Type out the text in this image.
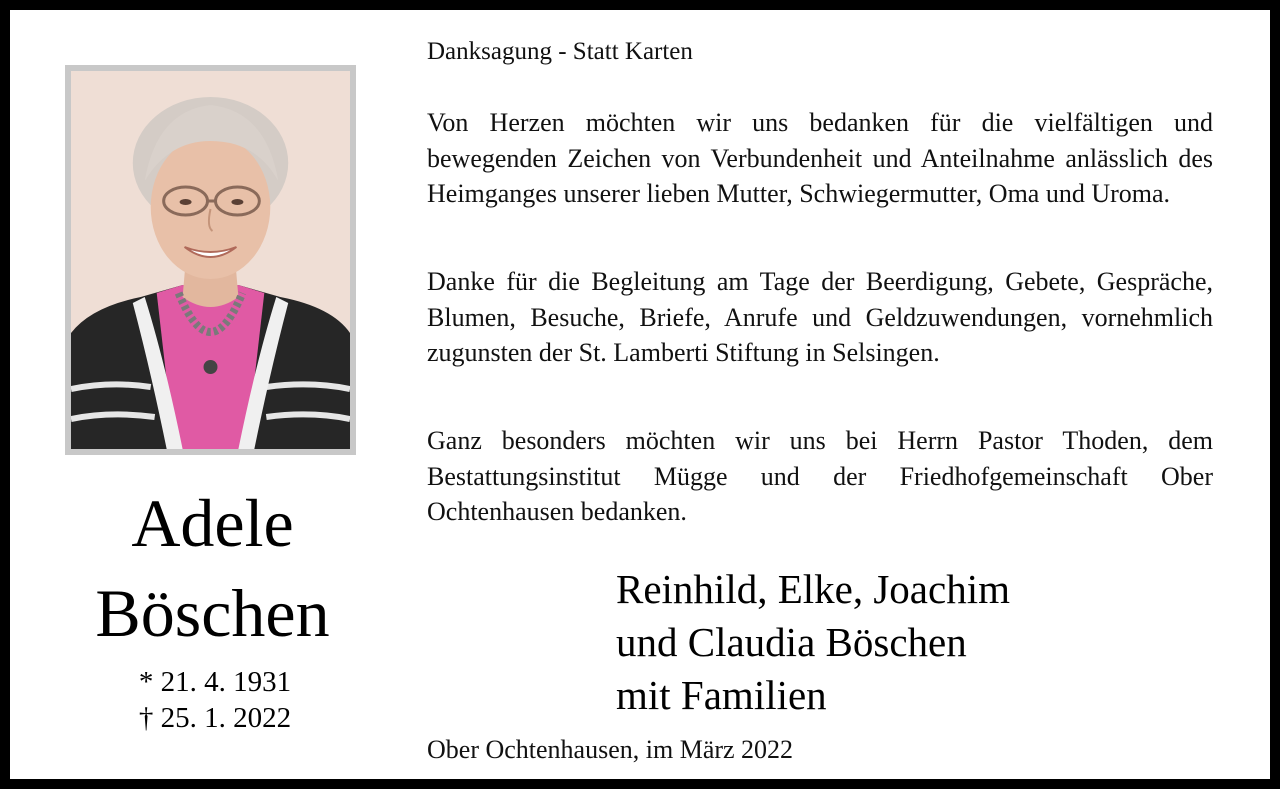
Adele
Böschen
* 21. 4. 1931
† 25. 1. 2022
Danksagung - Statt Karten

Von Herzen möchten wir uns bedanken für die vielfältigen und bewegenden Zeichen von Verbundenheit und Anteilnahme anlässlich des Heimganges unserer lieben Mutter, Schwiegermutter, Oma und Uroma.

Danke für die Begleitung am Tage der Beerdigung, Gebete, Gespräche, Blumen, Besuche, Briefe, Anrufe und Geldzuwendungen, vornehmlich zugunsten der St. Lamberti Stiftung in Selsingen.

Ganz besonders möchten wir uns bei Herrn Pastor Thoden, dem Bestattungsinstitut Mügge und der Friedhofgemeinschaft Ober Ochtenhausen bedanken.

Reinhild, Elke, Joachim
und Claudia Böschen
mit Familien
Ober Ochtenhausen, im März 2022
